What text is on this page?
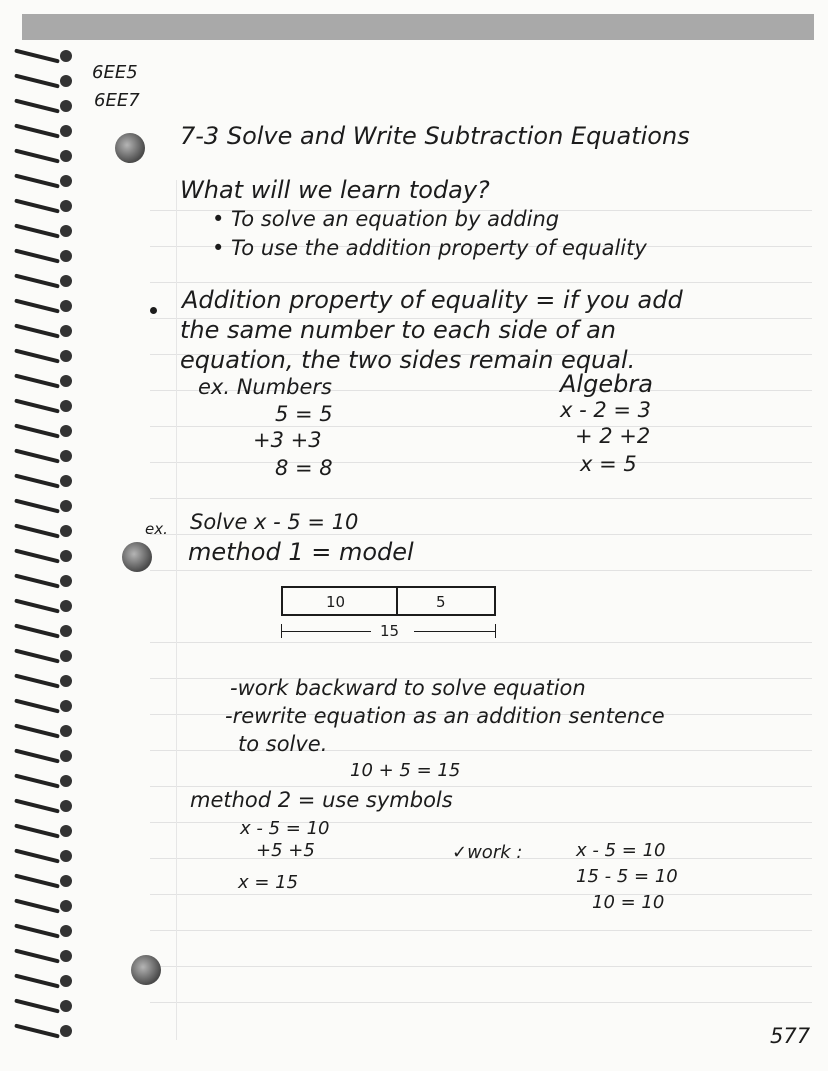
6EE5
6EE7
7-3 Solve and Write Subtraction Equations
What will we learn today?
• To solve an equation by adding
• To use the addition property of equality
Addition property of equality = if you add
the same number to each side of an
equation, the two sides remain equal.
ex. Numbers
5 = 5
+3 +3
8 = 8
Algebra
x - 2 = 3
+ 2 +2
x = 5
ex. Solve x - 5 = 10
method 1 = model
10	5
15
-work backward to solve equation
-rewrite equation as an addition sentence
to solve.
10 + 5 = 15
method 2 = use symbols
x - 5 = 10
+5 +5
x = 15
✓work :	x - 5 = 10
15 - 5 = 10
10 = 10
577
